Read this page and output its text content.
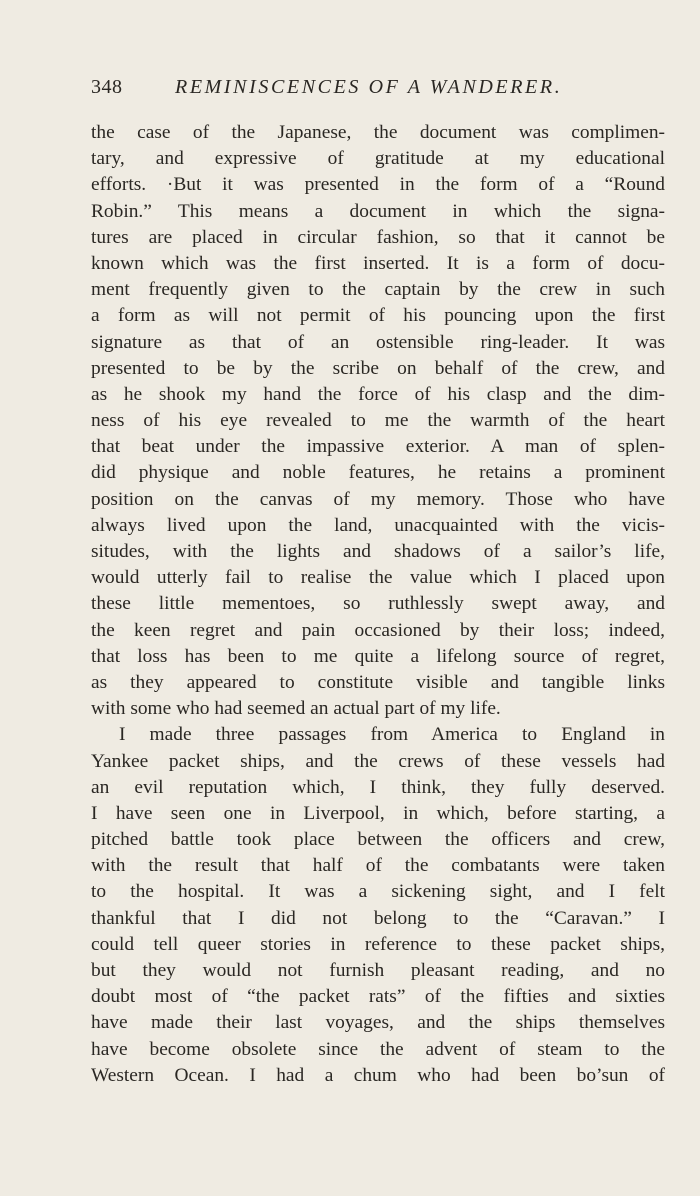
348	REMINISCENCES OF A WANDERER.
the case of the Japanese, the document was complimen-
tary, and expressive of gratitude at my educational
efforts. ·But it was presented in the form of a “Round
Robin.” This means a document in which the signa-
tures are placed in circular fashion, so that it cannot be
known which was the first inserted. It is a form of docu-
ment frequently given to the captain by the crew in such
a form as will not permit of his pouncing upon the first
signature as that of an ostensible ring-leader. It was
presented to be by the scribe on behalf of the crew, and
as he shook my hand the force of his clasp and the dim-
ness of his eye revealed to me the warmth of the heart
that beat under the impassive exterior. A man of splen-
did physique and noble features, he retains a prominent
position on the canvas of my memory. Those who have
always lived upon the land, unacquainted with the vicis-
situdes, with the lights and shadows of a sailor’s life,
would utterly fail to realise the value which I placed upon
these little mementoes, so ruthlessly swept away, and
the keen regret and pain occasioned by their loss; indeed,
that loss has been to me quite a lifelong source of regret,
as they appeared to constitute visible and tangible links
with some who had seemed an actual part of my life.
I made three passages from America to England in
Yankee packet ships, and the crews of these vessels had
an evil reputation which, I think, they fully deserved.
I have seen one in Liverpool, in which, before starting, a
pitched battle took place between the officers and crew,
with the result that half of the combatants were taken
to the hospital. It was a sickening sight, and I felt
thankful that I did not belong to the “Caravan.” I
could tell queer stories in reference to these packet ships,
but they would not furnish pleasant reading, and no
doubt most of “the packet rats” of the fifties and sixties
have made their last voyages, and the ships themselves
have become obsolete since the advent of steam to the
Western Ocean. I had a chum who had been bo’sun of
